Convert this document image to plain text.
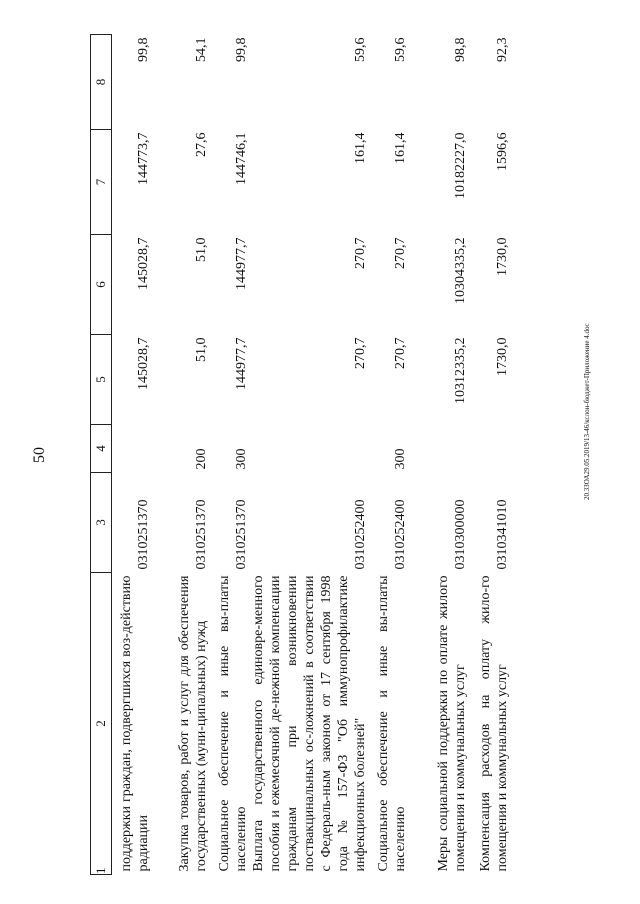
50
1	2	3	4	5	6	7	8
	поддержки граждан, подвергшихся воз-действию радиации	0310251370		145028,7	145028,7	144773,7	99,8
	Закупка товаров, работ и услуг для обеспечения государственных (муни-ципальных) нужд	0310251370	200	51,0	51,0	27,6	54,1
	Социальное обеспечение и иные вы-платы населению	0310251370	300	144977,7	144977,7	144746,1	99,8
	Выплата государственного единовре-менного пособия и ежемесячной де-нежной компенсации гражданам при возникновении поствакцинальных ос-ложнений в соответствии с Федераль-ным законом от 17 сентября 1998 года № 157-ФЗ "Об иммунопрофилактике инфекционных болезней"	0310252400		270,7	270,7	161,4	59,6
	Социальное обеспечение и иные вы-платы населению	0310252400	300	270,7	270,7	161,4	59,6
	Меры социальной поддержки по оплате жилого помещения и коммунальных услуг	0310300000		10312335,2	10304335,2	10182227,0	98,8
	Компенсация расходов на оплату жило-го помещения и коммунальных услуг	0310341010		1730,0	1730,0	1596,6	92,3
20.3ЗОА29.05.2019/13-46/кслон-бюджет-Приложение 4.doc
